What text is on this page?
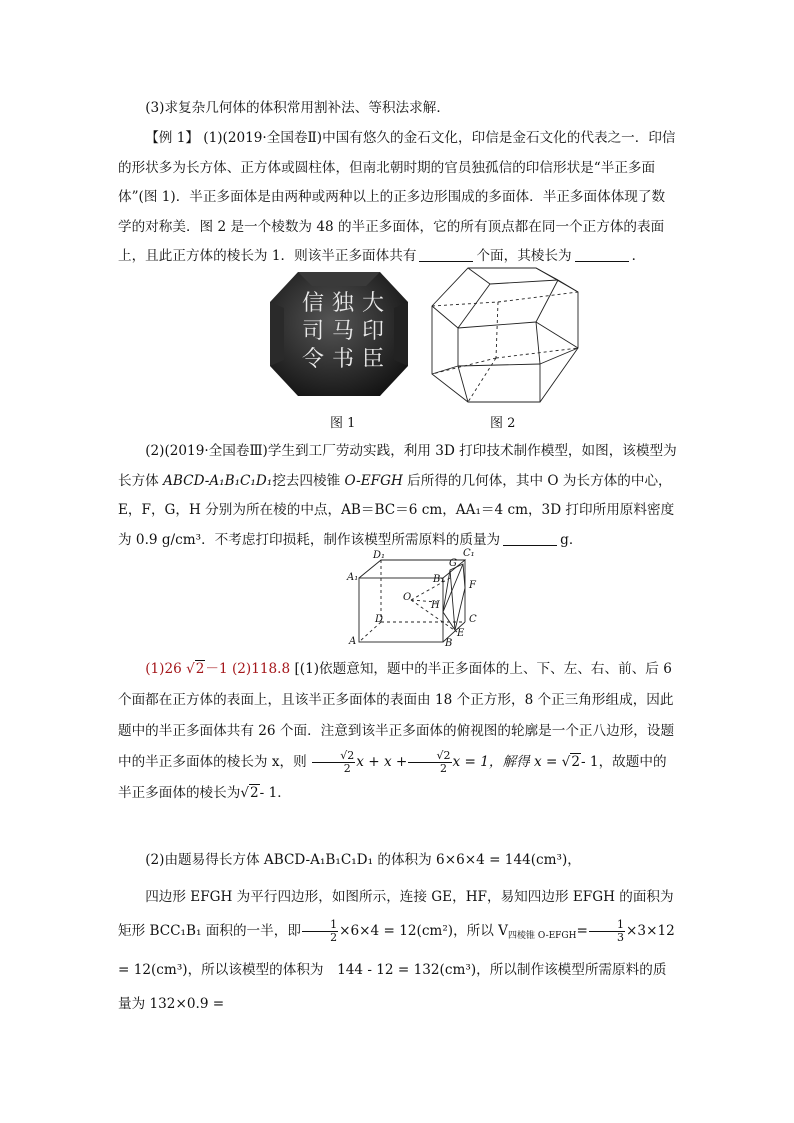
(3)求复杂几何体的体积常用割补法、等积法求解．
【例 1】 (1)(2019·全国卷Ⅱ)中国有悠久的金石文化，印信是金石文化的代表之一．印信的形状多为长方体、正方体或圆柱体，但南北朝时期的官员独孤信的印信形状是“半正多面体”(图 1)．半正多面体是由两种或两种以上的正多边形围成的多面体．半正多面体体现了数学的对称美．图 2 是一个棱数为 48 的半正多面体，它的所有顶点都在同一个正方体的表面上，且此正方体的棱长为 1．则该半正多面体共有	个面，其棱长为	．
信 独 大
司 马 印
令 书 臣
图 1	图 2
(2)(2019·全国卷Ⅲ)学生到工厂劳动实践，利用 3D 打印技术制作模型，如图，该模型为长方体 ABCD-A₁B₁C₁D₁挖去四棱锥 O-EFGH 后所得的几何体，其中 O 为长方体的中心，E，F，G，H 分别为所在棱的中点，AB＝BC＝6 cm，AA₁＝4 cm，3D 打印所用原料密度为 0.9 g/cm³．不考虑打印损耗，制作该模型所需原料的质量为	g．
D₁	C₁
A₁	B₁
G
F
O
H
D	C
A	B
E
(1)26 √2－1 (2)118.8 [(1)依题意知，题中的半正多面体的上、下、左、右、前、后 6 个面都在正方体的表面上，且该半正多面体的表面由 18 个正方形，8 个正三角形组成，因此题中的半正多面体共有 26 个面．注意到该半正多面体的俯视图的轮廓是一个正八边形，设题中的半正多面体的棱长为 x，则 $\frac{√2}{2}$ $x + x + \frac{√2}{2}$ x = 1，解得 x = √2- 1，故题中的半正多面体的棱长为√2- 1．
(2)由题易得长方体 ABCD-A₁B₁C₁D₁ 的体积为 6×6×4 = 144(cm³)，
四边形 EFGH 为平行四边形，如图所示，连接 GE，HF，易知四边形 EFGH 的面积为矩形 BCC₁B₁ 面积的一半，即 $\frac{1}{2} \times 6\times 4 = 12(cm^2)$，所以 $V_{四棱锥 O-EFGH}= \frac{1}{3} \times 3\times 12 = 12(cm^3)$，所以该模型的体积为　144 - 12 = 132(cm³)，所以制作该模型所需原料的质量为 132×0.9 =
